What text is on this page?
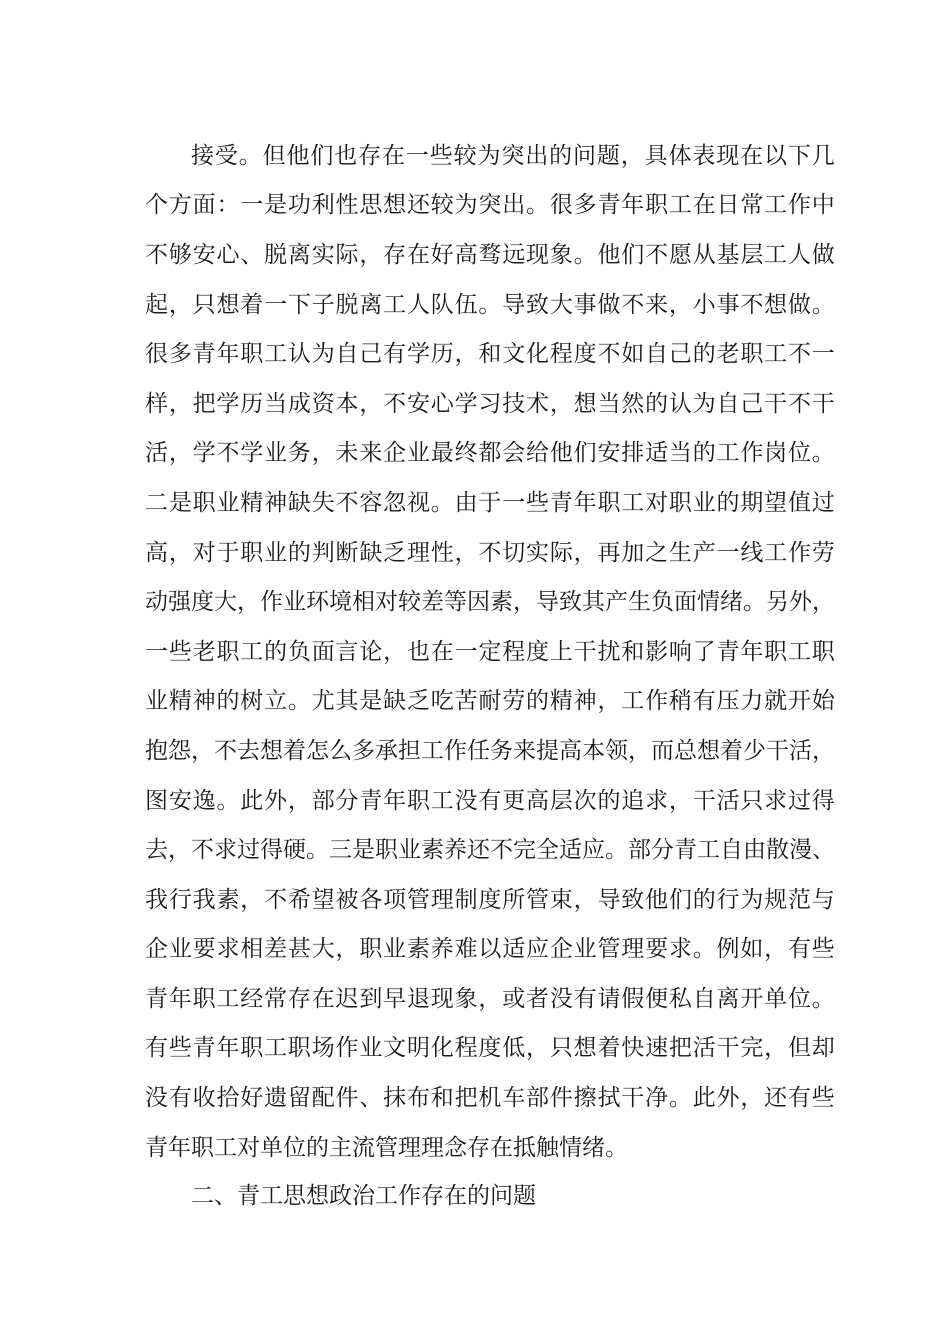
接 受 。 但 他 们 也 存 在 一 些 较 为 突 出 的 问 题 ， 具 体 表 现 在 以 下 几
个 方 面 ： 一 是 功 利 性 思 想 还 较 为 突 出 。 很 多 青 年 职 工 在 日 常 工 作 中
不 够 安 心 、 脱 离 实 际 ， 存 在 好 高 骛 远 现 象 。 他 们 不 愿 从 基 层 工 人 做
起 ， 只 想 着 一 下 子 脱 离 工 人 队 伍 。 导 致 大 事 做 不 来 ， 小 事 不 想 做 。
很 多 青 年 职 工 认 为 自 己 有 学 历 ， 和 文 化 程 度 不 如 自 己 的 老 职 工 不 一
样 ， 把 学 历 当 成 资 本 ， 不 安 心 学 习 技 术 ， 想 当 然 的 认 为 自 己 干 不 干
活 ， 学 不 学 业 务 ， 未 来 企 业 最 终 都 会 给 他 们 安 排 适 当 的 工 作 岗 位 。
二 是 职 业 精 神 缺 失 不 容 忽 视 。 由 于 一 些 青 年 职 工 对 职 业 的 期 望 值 过
高 ， 对 于 职 业 的 判 断 缺 乏 理 性 ， 不 切 实 际 ， 再 加 之 生 产 一 线 工 作 劳
动 强 度 大 ， 作 业 环 境 相 对 较 差 等 因 素 ， 导 致 其 产 生 负 面 情 绪 。 另 外 ，
一 些 老 职 工 的 负 面 言 论 ， 也 在 一 定 程 度 上 干 扰 和 影 响 了 青 年 职 工 职
业 精 神 的 树 立 。 尤 其 是 缺 乏 吃 苦 耐 劳 的 精 神 ， 工 作 稍 有 压 力 就 开 始
抱 怨 ， 不 去 想 着 怎 么 多 承 担 工 作 任 务 来 提 高 本 领 ， 而 总 想 着 少 干 活 ，
图 安 逸 。 此 外 ， 部 分 青 年 职 工 没 有 更 高 层 次 的 追 求 ， 干 活 只 求 过 得
去 ， 不 求 过 得 硬 。 三 是 职 业 素 养 还 不 完 全 适 应 。 部 分 青 工 自 由 散 漫 、
我 行 我 素 ， 不 希 望 被 各 项 管 理 制 度 所 管 束 ， 导 致 他 们 的 行 为 规 范 与
企 业 要 求 相 差 甚 大 ， 职 业 素 养 难 以 适 应 企 业 管 理 要 求 。 例 如 ， 有 些
青 年 职 工 经 常 存 在 迟 到 早 退 现 象 ， 或 者 没 有 请 假 便 私 自 离 开 单 位 。
有 些 青 年 职 工 职 场 作 业 文 明 化 程 度 低 ， 只 想 着 快 速 把 活 干 完 ， 但 却
没 有 收 拾 好 遗 留 配 件 、 抹 布 和 把 机 车 部 件 擦 拭 干 净 。 此 外 ， 还 有 些
青年职工对单位的主流管理理念存在抵触情绪。
二、青工思想政治工作存在的问题
